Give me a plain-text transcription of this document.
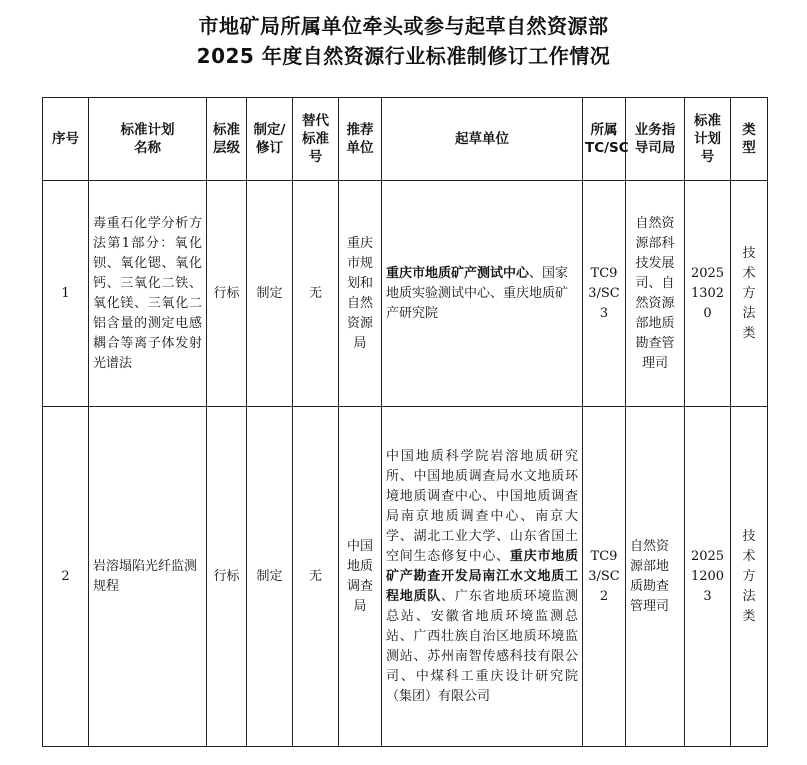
市地矿局所属单位牵头或参与起草自然资源部
2025 年度自然资源行业标准制修订工作情况
序号	标准计划名称	标准层级	制定/修订	替代标准号	推荐单位	起草单位	所属TC/SC	业务指导司局	标准计划号	类型
1	毒重石化学分析方法第1部分：氧化钡、氧化锶、氧化钙、三氧化二铁、氧化镁、三氧化二铝含量的测定电感耦合等离子体发射光谱法	行标	制定	无	重庆市规划和自然资源局	重庆市地质矿产测试中心、国家地质实验测试中心、重庆地质矿产研究院	TC93/SC3	自然资源部科技发展司、自然资源部地质勘查管理司	202513020	技术方法类
2	岩溶塌陷光纤监测规程	行标	制定	无	中国地质调查局	中国地质科学院岩溶地质研究所、中国地质调查局水文地质环境地质调查中心、中国地质调查局南京地质调查中心、南京大学、湖北工业大学、山东省国土空间生态修复中心、重庆市地质矿产勘查开发局南江水文地质工程地质队、广东省地质环境监测总站、安徽省地质环境监测总站、广西壮族自治区地质环境监测站、苏州南智传感科技有限公司、中煤科工重庆设计研究院（集团）有限公司	TC93/SC2	自然资源部地质勘查管理司	202512003	技术方法类
